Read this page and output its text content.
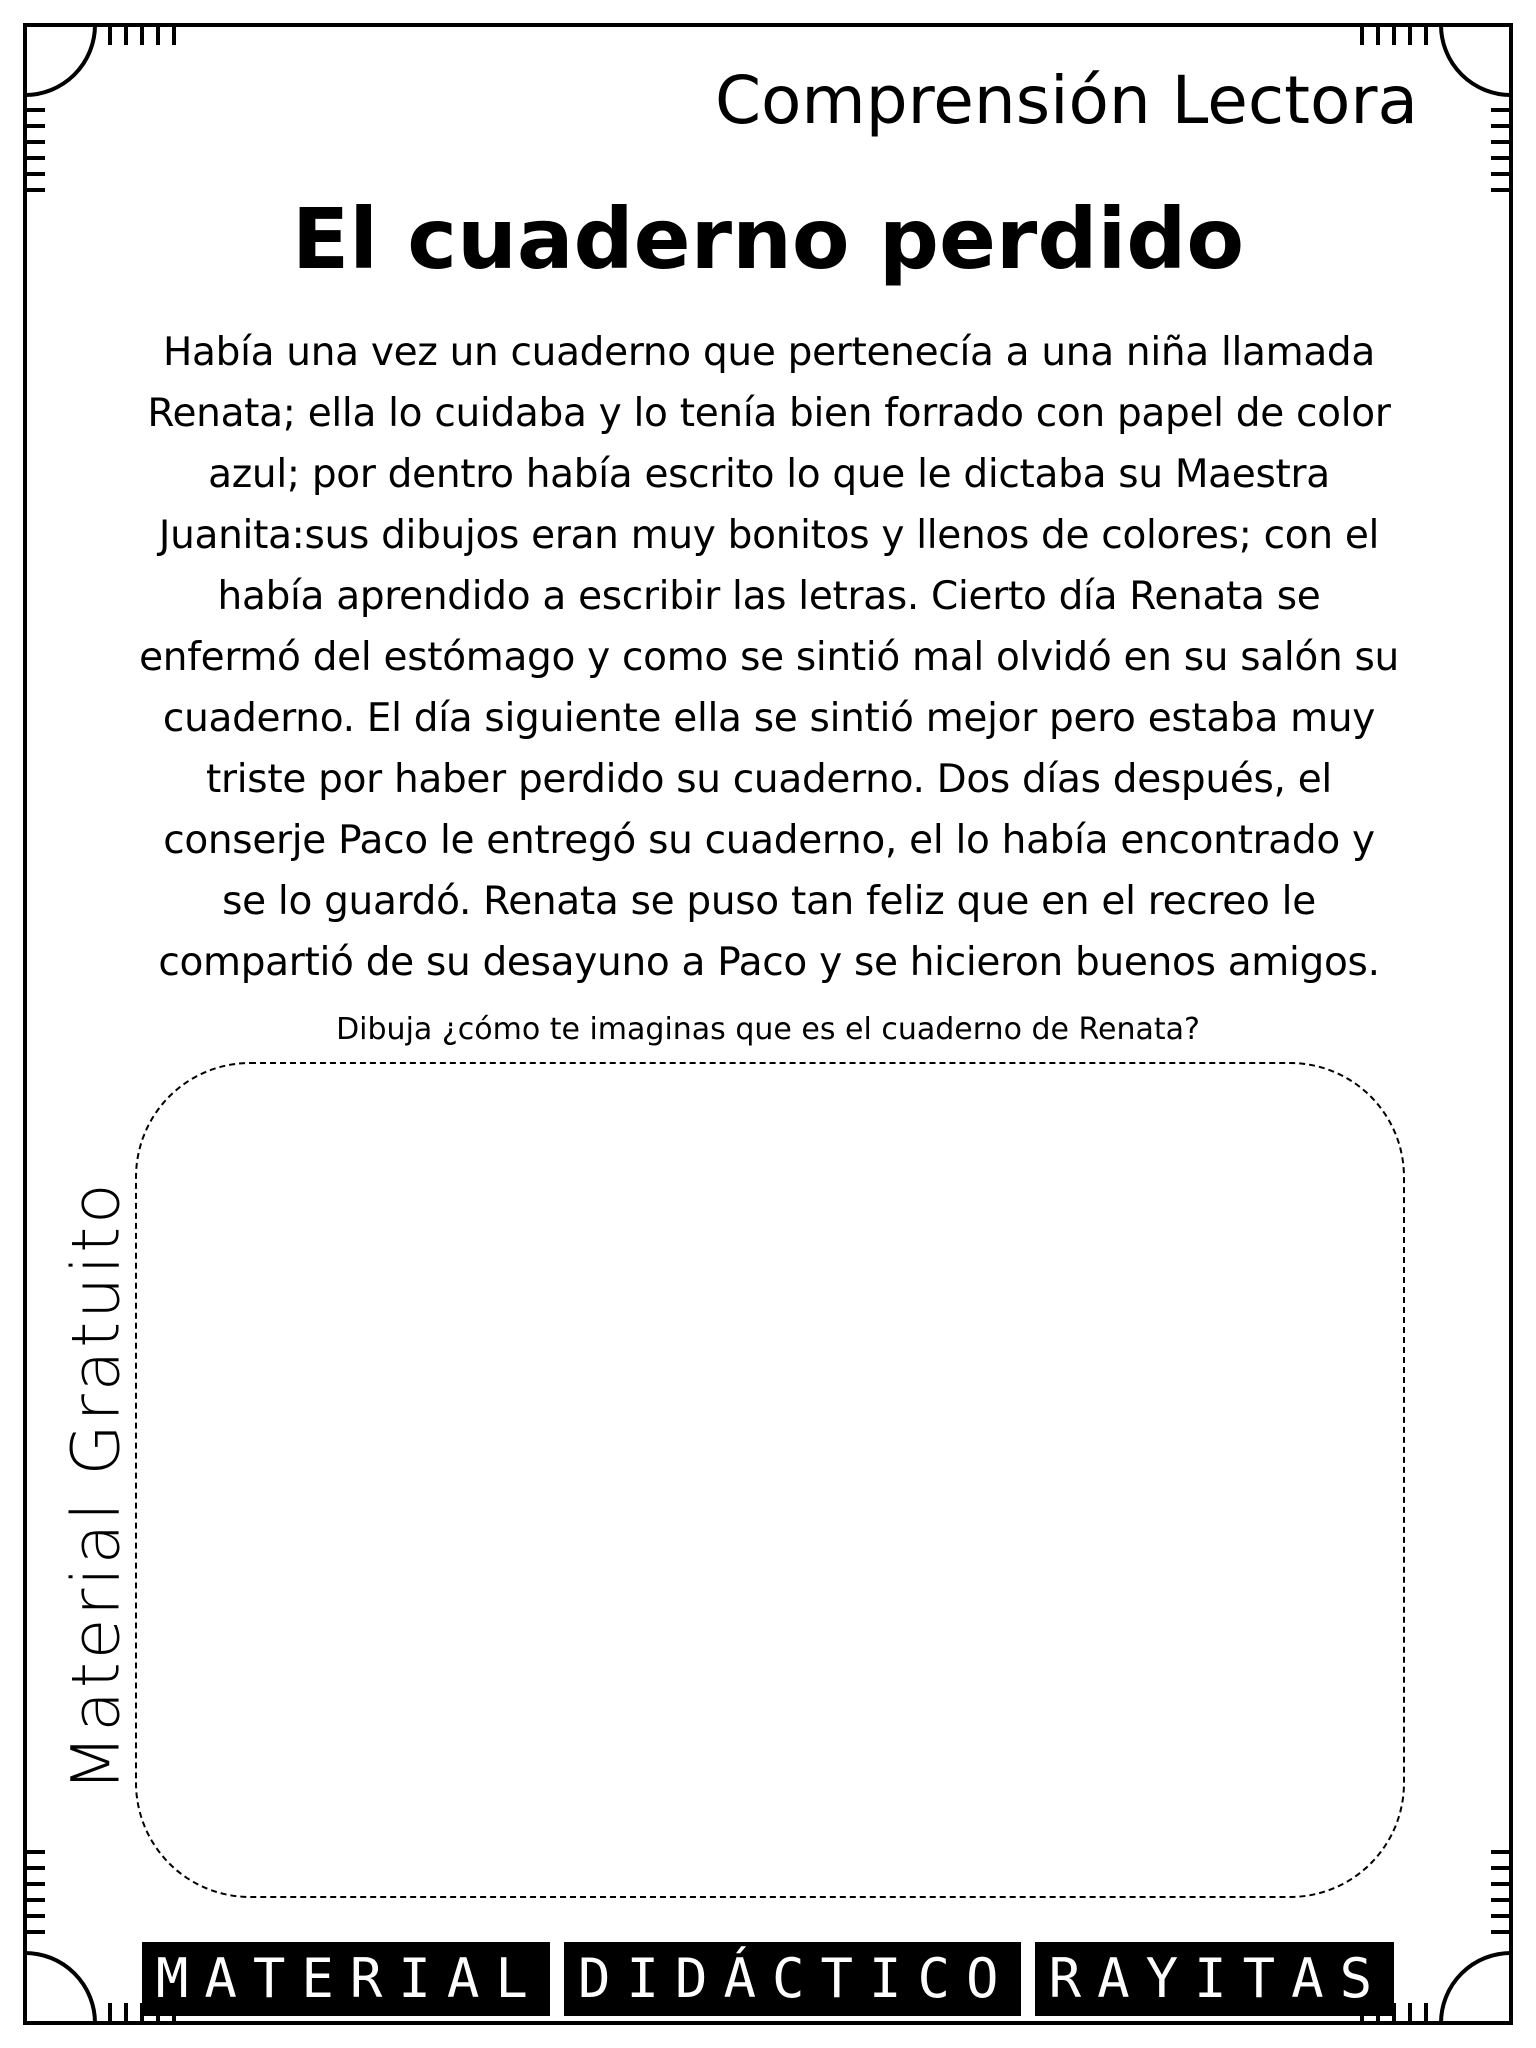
Comprensión Lectora
El cuaderno perdido
Había una vez un cuaderno que pertenecía a una niña llamada
Renata; ella lo cuidaba y lo tenía bien forrado con papel de color
azul; por dentro había escrito lo que le dictaba su Maestra
Juanita:sus dibujos eran muy bonitos y llenos de colores; con el
había aprendido a escribir las letras. Cierto día Renata se
enfermó del estómago y como se sintió mal olvidó en su salón su
cuaderno. El día siguiente ella se sintió mejor pero estaba muy
triste por haber perdido su cuaderno. Dos días después, el
conserje Paco le entregó su cuaderno, el lo había encontrado y
se lo guardó. Renata se puso tan feliz que en el recreo le
compartió de su desayuno a Paco y se hicieron buenos amigos.
Dibuja ¿cómo te imaginas que es el cuaderno de Renata?
Material Gratuito
MATERIAL DIDÁCTICO RAYITAS
